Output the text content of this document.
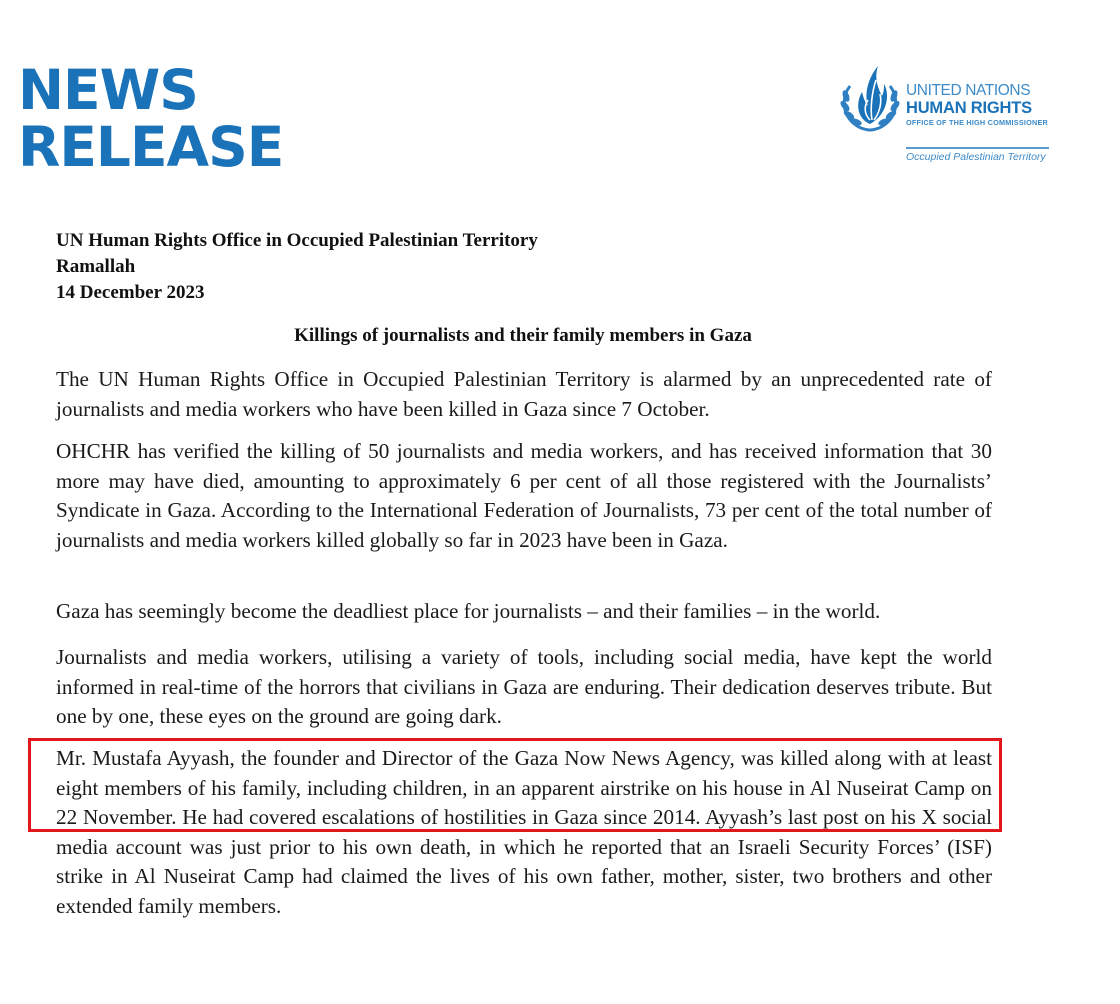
NEWS
RELEASE
UNITED NATIONS
HUMAN RIGHTS
OFFICE OF THE HIGH COMMISSIONER
Occupied Palestinian Territory
UN Human Rights Office in Occupied Palestinian Territory
Ramallah
14 December 2023
Killings of journalists and their family members in Gaza

The UN Human Rights Office in Occupied Palestinian Territory is alarmed by an unprecedented rate of journalists and media workers who have been killed in Gaza since 7 October.

OHCHR has verified the killing of 50 journalists and media workers, and has received information that 30 more may have died, amounting to approximately 6 per cent of all those registered with the Journalists’ Syndicate in Gaza. According to the International Federation of Journalists, 73 per cent of the total number of journalists and media workers killed globally so far in 2023 have been in Gaza.

Gaza has seemingly become the deadliest place for journalists – and their families – in the world.

Journalists and media workers, utilising a variety of tools, including social media, have kept the world informed in real-time of the horrors that civilians in Gaza are enduring. Their dedication deserves tribute. But one by one, these eyes on the ground are going dark.

Mr. Mustafa Ayyash, the founder and Director of the Gaza Now News Agency, was killed along with at least eight members of his family, including children, in an apparent airstrike on his house in Al Nuseirat Camp on 22 November. He had covered escalations of hostilities in Gaza since 2014. Ayyash’s last post on his X social media account was just prior to his own death, in which he reported that an Israeli Security Forces’ (ISF) strike in Al Nuseirat Camp had claimed the lives of his own father, mother, sister, two brothers and other extended family members.
